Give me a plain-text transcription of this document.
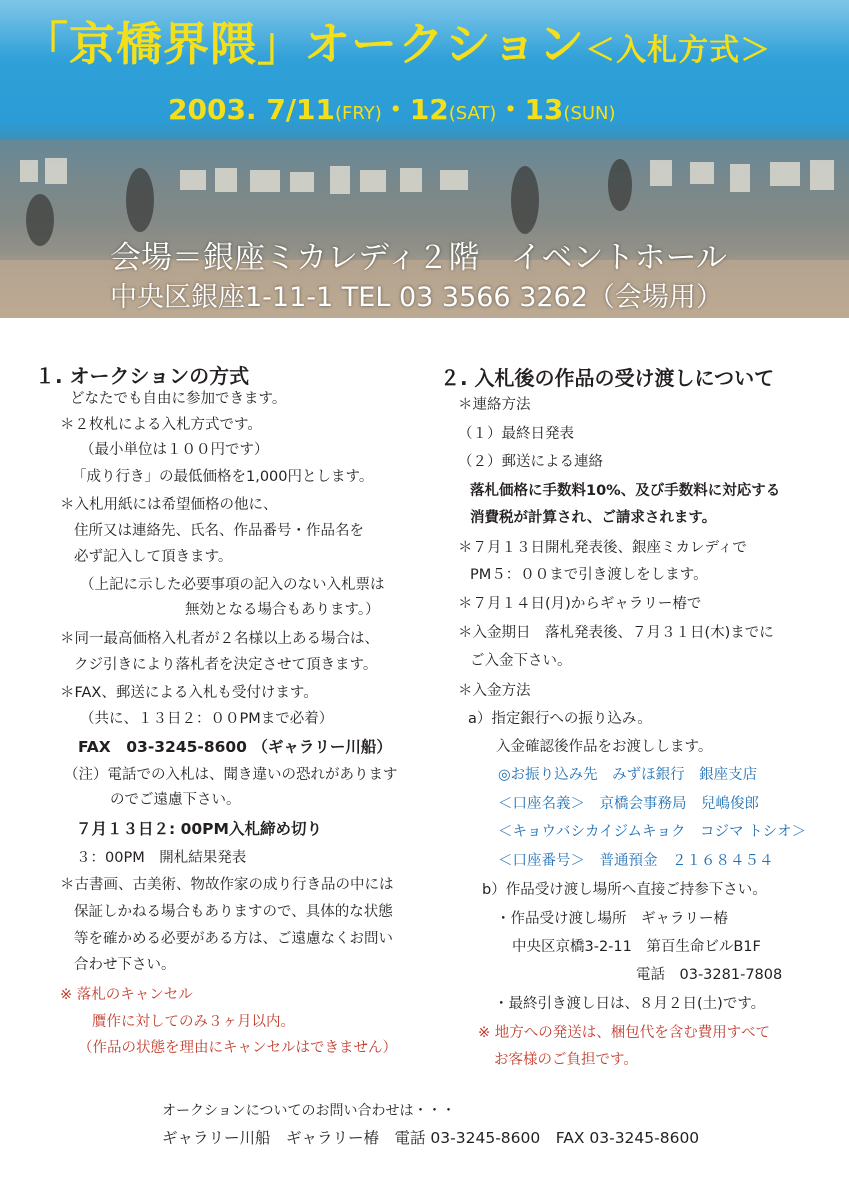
「京橋界隈」オークション＜入札方式＞
2003. 7/11(FRY)・12(SAT)・13(SUN)
会場＝銀座ミカレディ２階　イベントホール
中央区銀座1-11-1 TEL 03 3566 3262（会場用）
１. オークションの方式
どなたでも自由に参加できます。
＊２枚札による入札方式です。
（最小単位は１００円です）
「成り行き」の最低価格を1,000円とします。
＊入札用紙には希望価格の他に、
住所又は連絡先、氏名、作品番号・作品名を
必ず記入して頂きます。
（上記に示した必要事項の記入のない入札票は
無効となる場合もあります。）
＊同一最高価格入札者が２名様以上ある場合は、
クジ引きにより落札者を決定させて頂きます。
＊FAX、郵送による入札も受付けます。
（共に、１３日２：００PMまで必着）
FAX　03-3245-8600 （ギャラリー川船）
（注）電話での入札は、聞き違いの恐れがあります
のでご遠慮下さい。
７月１３日２: 00PM入札締め切り
３：00PM　開札結果発表
＊古書画、古美術、物故作家の成り行き品の中には
保証しかねる場合もありますので、具体的な状態
等を確かめる必要がある方は、ご遠慮なくお問い
合わせ下さい。
※ 落札のキャンセル
贋作に対してのみ３ヶ月以内。
（作品の状態を理由にキャンセルはできません）
２. 入札後の作品の受け渡しについて
＊連絡方法
（１）最終日発表
（２）郵送による連絡
落札価格に手数料10%、及び手数料に対応する
消費税が計算され、ご請求されます。
＊７月１３日開札発表後、銀座ミカレディで
PM５：００まで引き渡しをします。
＊７月１４日(月)からギャラリー椿で
＊入金期日　落札発表後、７月３１日(木)までに
ご入金下さい。
＊入金方法
a）指定銀行への振り込み。
入金確認後作品をお渡しします。
◎お振り込み先　みずほ銀行　銀座支店
＜口座名義＞　京橋会事務局　兒嶋俊郎
＜キョウバシカイジムキョク　コジマ トシオ＞
＜口座番号＞　普通預金　２１６８４５４
b）作品受け渡し場所へ直接ご持参下さい。
・作品受け渡し場所　ギャラリー椿
中央区京橋3-2-11　第百生命ビルB1F
電話　03-3281-7808
・最終引き渡し日は、８月２日(土)です。
※ 地方への発送は、梱包代を含む費用すべて
お客様のご負担です。
オークションについてのお問い合わせは・・・
ギャラリー川船　ギャラリー椿　電話 03-3245-8600　FAX 03-3245-8600
